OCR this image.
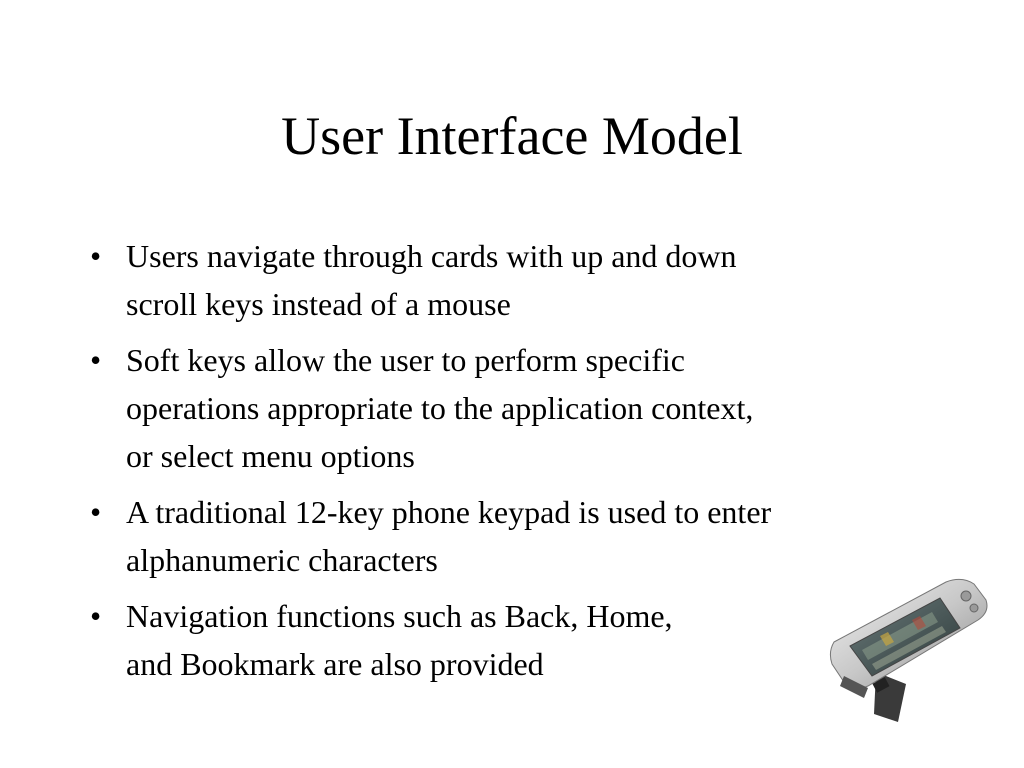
User Interface Model
• Users navigate through cards with up and down
scroll keys instead of a mouse
• Soft keys allow the user to perform specific
operations appropriate to the application context,
or select menu options
• A traditional 12-key phone keypad is used to enter
alphanumeric characters
• Navigation functions such as Back, Home,
and Bookmark are also provided
